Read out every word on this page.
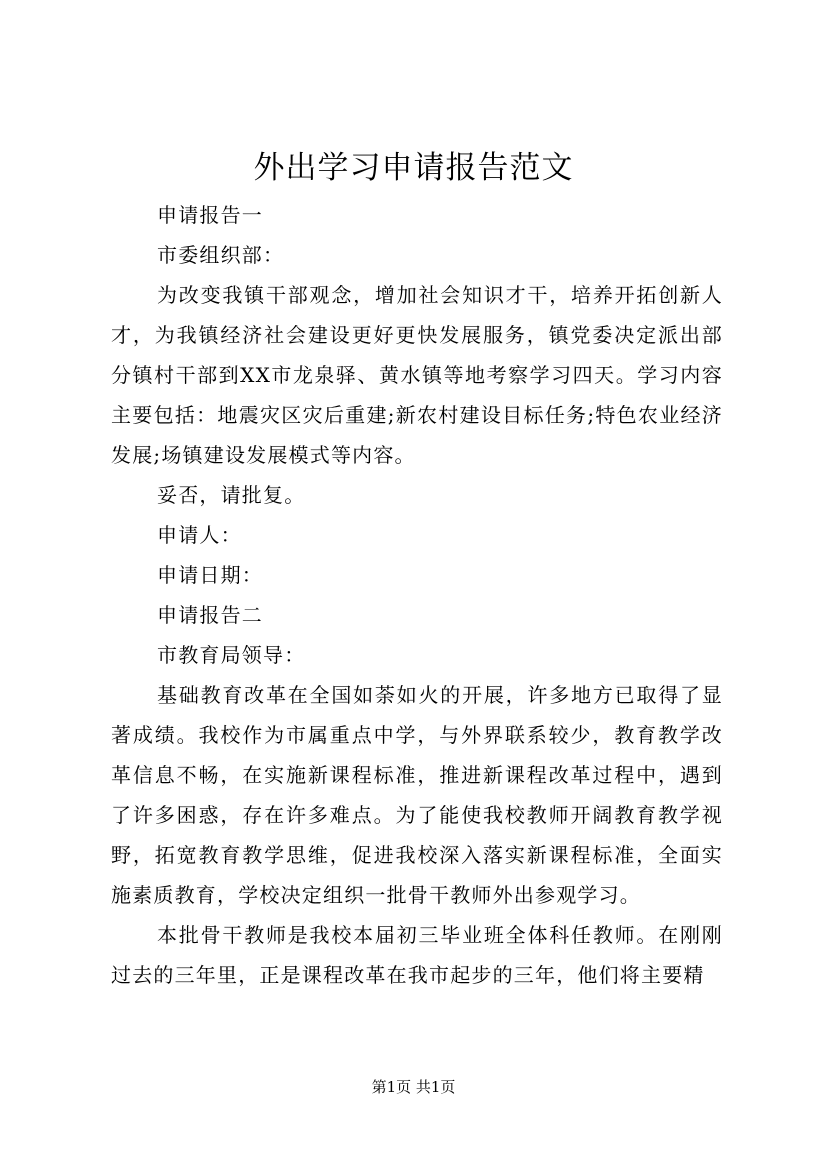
外出学习申请报告范文

申请报告一

市委组织部：

为改变我镇干部观念，增加社会知识才干，培养开拓创新人才，为我镇经济社会建设更好更快发展服务，镇党委决定派出部分镇村干部到XX市龙泉驿、黄水镇等地考察学习四天。学习内容主要包括：地震灾区灾后重建;新农村建设目标任务;特色农业经济发展;场镇建设发展模式等内容。

妥否，请批复。

申请人：

申请日期：

申请报告二

市教育局领导：

基础教育改革在全国如荼如火的开展，许多地方已取得了显著成绩。我校作为市属重点中学，与外界联系较少，教育教学改革信息不畅，在实施新课程标准，推进新课程改革过程中，遇到了许多困惑，存在许多难点。为了能使我校教师开阔教育教学视野，拓宽教育教学思维，促进我校深入落实新课程标准，全面实施素质教育，学校决定组织一批骨干教师外出参观学习。

本批骨干教师是我校本届初三毕业班全体科任教师。在刚刚过去的三年里，正是课程改革在我市起步的三年，他们将主要精

第1页 共1页
